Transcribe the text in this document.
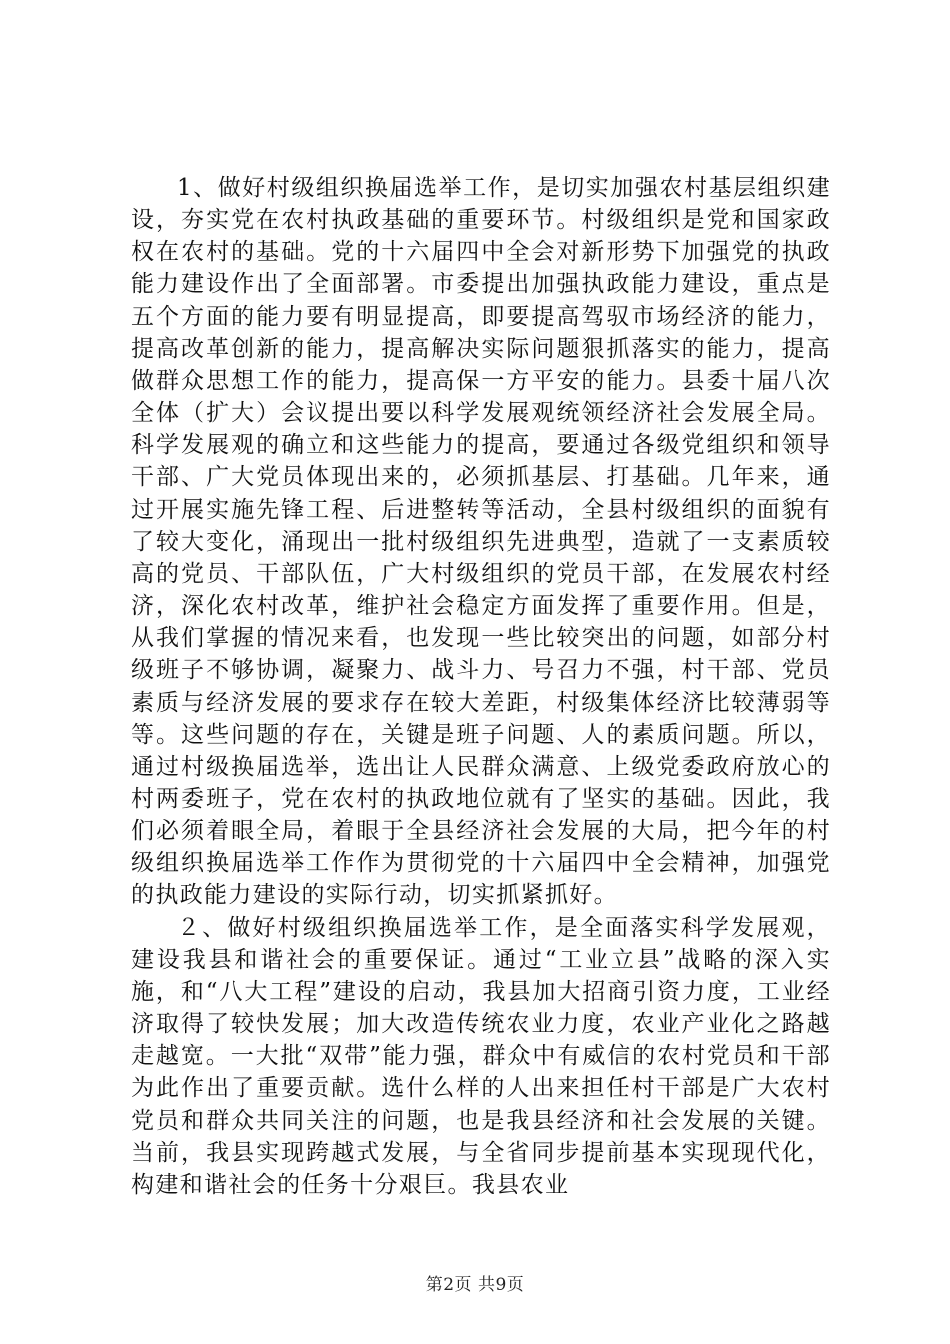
1、做好村级组织换届选举工作，是切实加强农村基层组织建设，夯实党在农村执政基础的重要环节。村级组织是党和国家政权在农村的基础。党的十六届四中全会对新形势下加强党的执政能力建设作出了全面部署。市委提出加强执政能力建设，重点是五个方面的能力要有明显提高，即要提高驾驭市场经济的能力，提高改革创新的能力，提高解决实际问题狠抓落实的能力，提高做群众思想工作的能力，提高保一方平安的能力。县委十届八次全体（扩大）会议提出要以科学发展观统领经济社会发展全局。科学发展观的确立和这些能力的提高，要通过各级党组织和领导干部、广大党员体现出来的，必须抓基层、打基础。几年来，通过开展实施先锋工程、后进整转等活动，全县村级组织的面貌有了较大变化，涌现出一批村级组织先进典型，造就了一支素质较高的党员、干部队伍，广大村级组织的党员干部，在发展农村经济，深化农村改革，维护社会稳定方面发挥了重要作用。但是，从我们掌握的情况来看，也发现一些比较突出的问题，如部分村级班子不够协调，凝聚力、战斗力、号召力不强，村干部、党员素质与经济发展的要求存在较大差距，村级集体经济比较薄弱等等。这些问题的存在，关键是班子问题、人的素质问题。所以，通过村级换届选举，选出让人民群众满意、上级党委政府放心的村两委班子，党在农村的执政地位就有了坚实的基础。因此，我们必须着眼全局，着眼于全县经济社会发展的大局，把今年的村级组织换届选举工作作为贯彻党的十六届四中全会精神，加强党的执政能力建设的实际行动，切实抓紧抓好。

２、做好村级组织换届选举工作，是全面落实科学发展观，建设我县和谐社会的重要保证。通过“工业立县”战略的深入实施，和“八大工程”建设的启动，我县加大招商引资力度，工业经济取得了较快发展；加大改造传统农业力度，农业产业化之路越走越宽。一大批“双带”能力强，群众中有威信的农村党员和干部为此作出了重要贡献。选什么样的人出来担任村干部是广大农村党员和群众共同关注的问题，也是我县经济和社会发展的关键。当前，我县实现跨越式发展，与全省同步提前基本实现现代化，构建和谐社会的任务十分艰巨。我县农业

第2页 共9页
